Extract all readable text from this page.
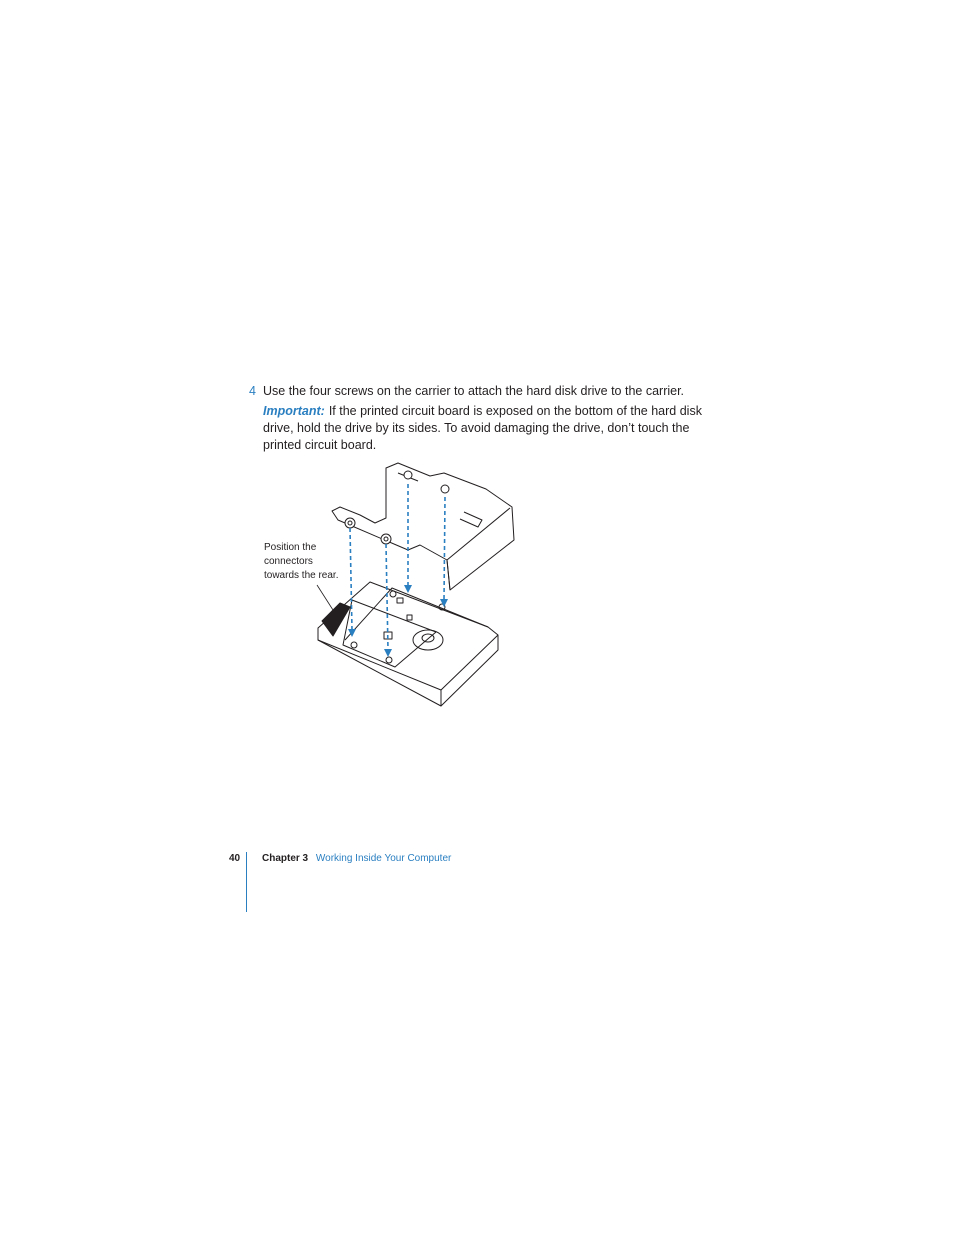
4 Use the four screws on the carrier to attach the hard disk drive to the carrier.
Important: If the printed circuit board is exposed on the bottom of the hard disk drive, hold the drive by its sides. To avoid damaging the drive, don’t touch the printed circuit board.
Position the
connectors
towards the rear.
40 Chapter 3 Working Inside Your Computer
